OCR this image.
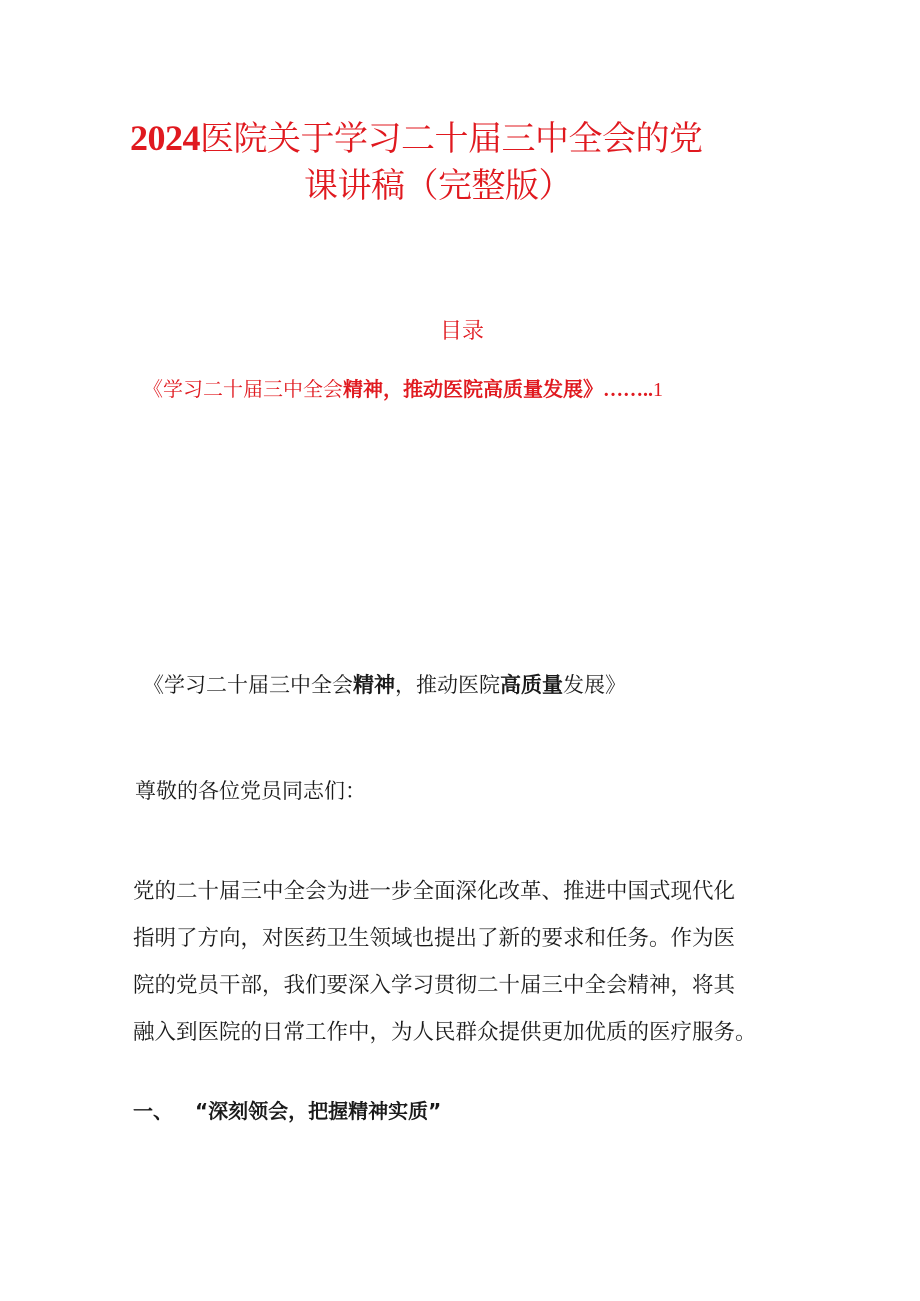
2024医院关于学习二十届三中全会的党
课讲稿（完整版）
目录
《学习二十届三中全会精神，推动医院高质量发展》……..1
《学习二十届三中全会精神，推动医院高质量发展》
尊敬的各位党员同志们：
党的二十届三中全会为进一步全面深化改革、推进中国式现代化
指明了方向，对医药卫生领域也提出了新的要求和任务。作为医
院的党员干部，我们要深入学习贯彻二十届三中全会精神，将其
融入到医院的日常工作中，为人民群众提供更加优质的医疗服务。
一、 “深刻领会，把握精神实质”
